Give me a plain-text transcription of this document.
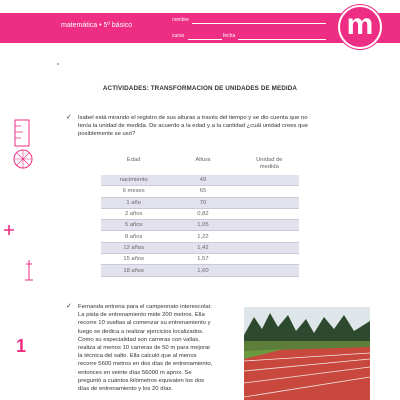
matemática • 5º básico
nombre
curso	fecha	m
1
ACTIVIDADES: TRANSFORMACION DE UNIDADES DE MEDIDA
✓ Isabel está mirando el registro de sus alturas a través del tiempo y se dio cuenta que no
tenía la unidad de medida. De acuerdo a la edad y a la cantidad ¿cuál unidad crees que
posiblemente se usó?

Edad	Altura	Unidad de
medida
nacimiento	49	
6 meses	65	
1 año	70	
2 años	0,82	
5 años	1,05	
8 años	1,22	
12 años	1,42	
15 años	1,57	
18 años	1,60	
✓ Fernanda entrena para el campeonato interescolar.
La pista de entrenamiento mide 200 metros. Ella
recorre 10 vueltas al comenzar su entrenamiento y
luego se dedica a realizar ejercicios localizados.
Como su especialidad son carreras con vallas,
realiza al menos 10 carreras de 50 m para mejorar
la técnica del salto. Ella calculó que al menos
recorre 5600 metros en dos días de entrenamiento,
entonces en veinte días 56000 m aprox. Se
preguntó a cuántos kilómetros equivalen los dos
días de entrenamiento y los 20 días.
